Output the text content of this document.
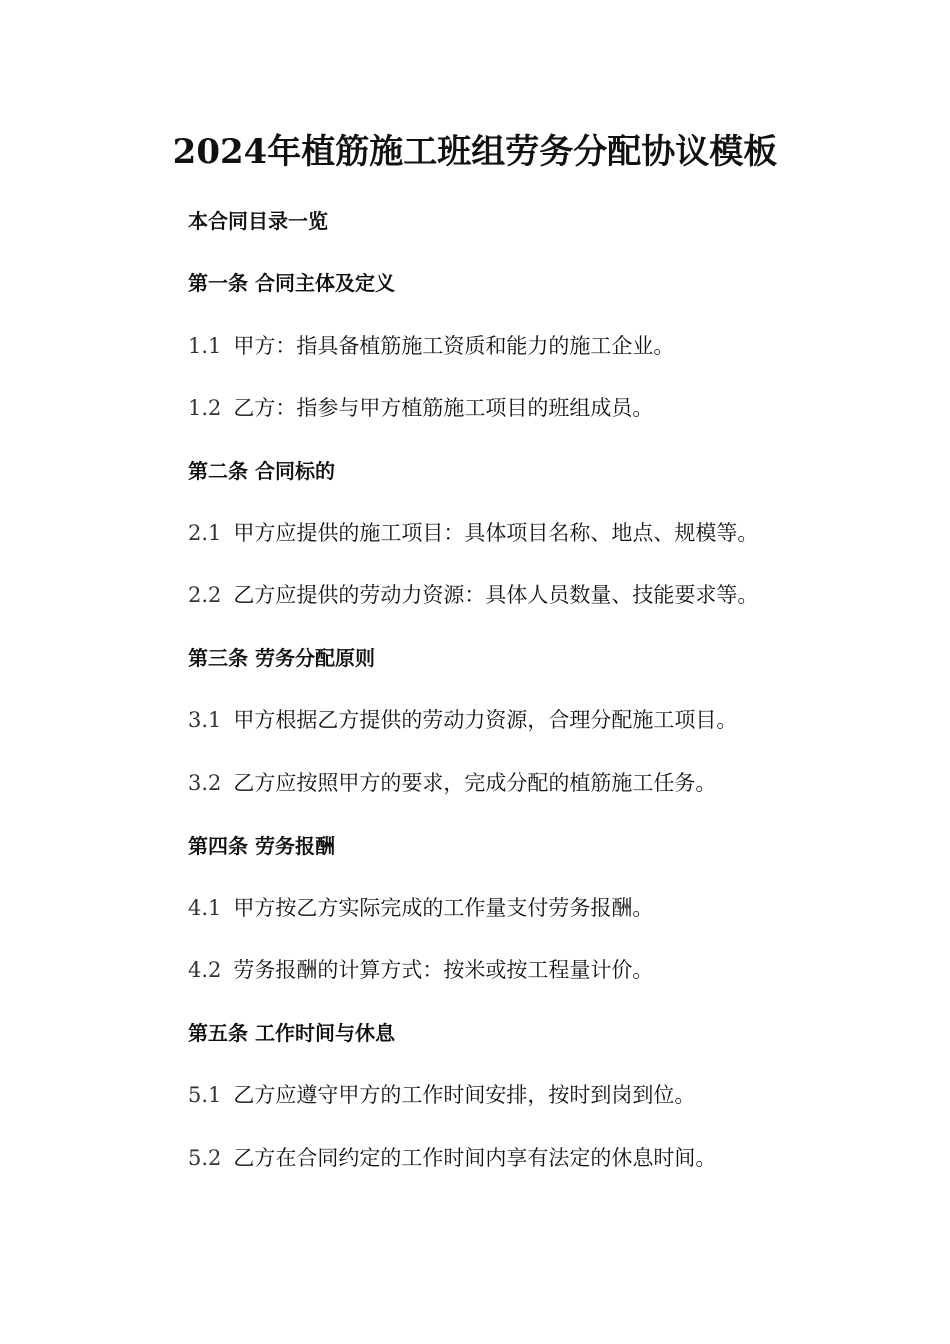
2024年植筋施工班组劳务分配协议模板

本合同目录一览

第一条 合同主体及定义

1.1 甲方：指具备植筋施工资质和能力的施工企业。

1.2 乙方：指参与甲方植筋施工项目的班组成员。

第二条 合同标的

2.1 甲方应提供的施工项目：具体项目名称、地点、规模等。

2.2 乙方应提供的劳动力资源：具体人员数量、技能要求等。

第三条 劳务分配原则

3.1 甲方根据乙方提供的劳动力资源，合理分配施工项目。

3.2 乙方应按照甲方的要求，完成分配的植筋施工任务。

第四条 劳务报酬

4.1 甲方按乙方实际完成的工作量支付劳务报酬。

4.2 劳务报酬的计算方式：按米或按工程量计价。

第五条 工作时间与休息

5.1 乙方应遵守甲方的工作时间安排，按时到岗到位。

5.2 乙方在合同约定的工作时间内享有法定的休息时间。
